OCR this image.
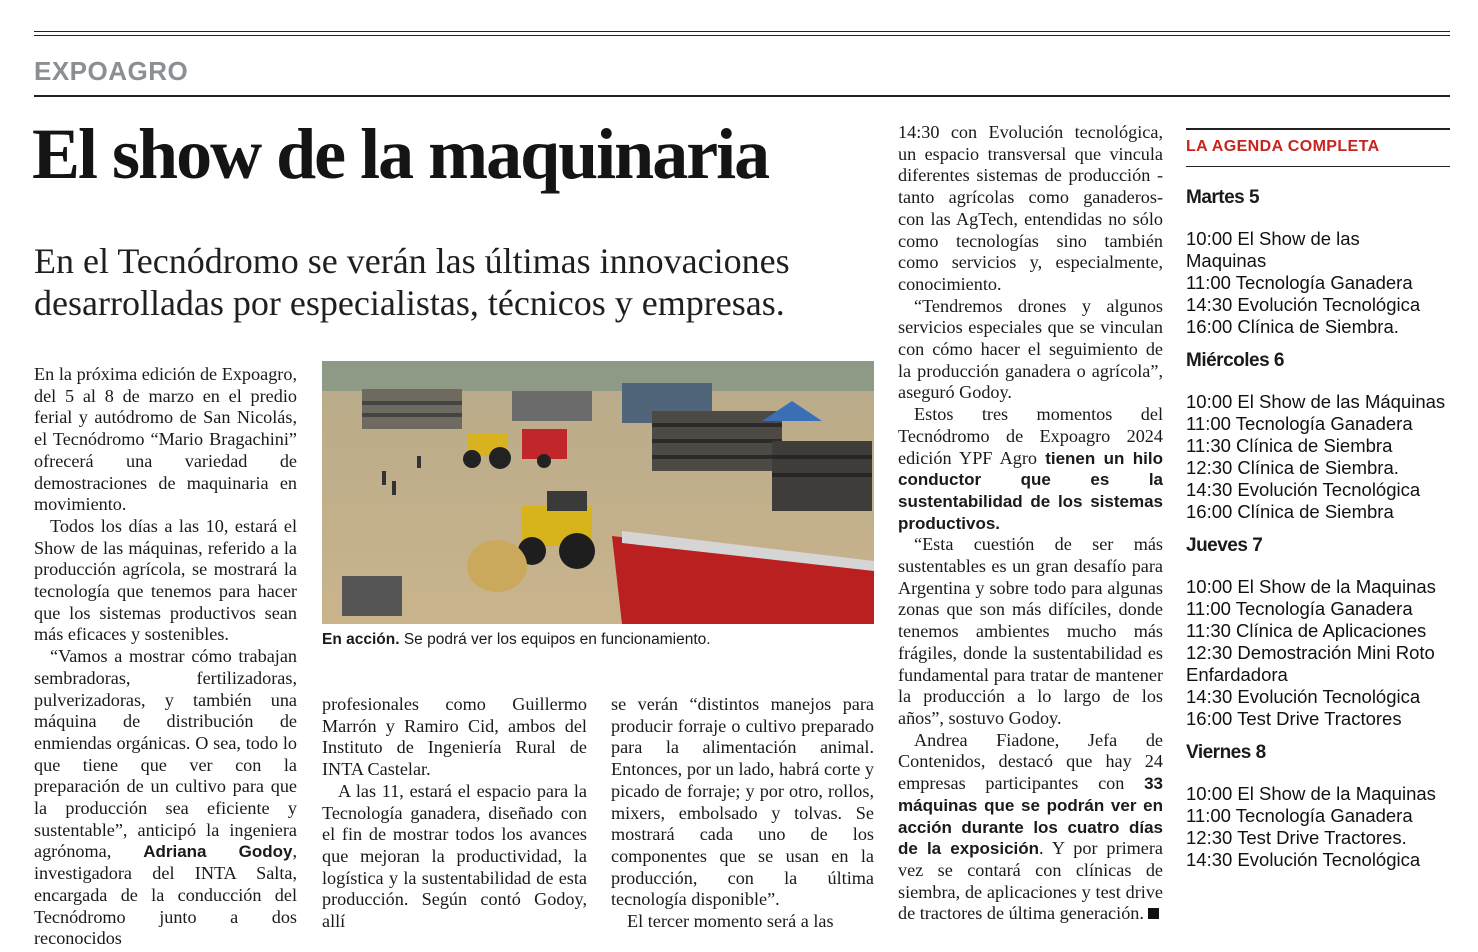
EXPOAGRO
El show de la maquinaria

En el Tecnódromo se verán las últimas innovaciones desarrolladas por especialistas, técnicos y empresas.

En la próxima edición de Expoagro, del 5 al 8 de marzo en el predio ferial y autódromo de San Nicolás, el Tecnódromo “Mario Bragachini” ofrecerá una variedad de demostraciones de maquinaria en movimiento.

Todos los días a las 10, estará el Show de las máquinas, referido a la producción agrícola, se mostrará la tecnología que tenemos para hacer que los sistemas productivos sean más eficaces y sostenibles.

“Vamos a mostrar cómo trabajan sembradoras, fertilizadoras, pulverizadoras, y también una máquina de distribución de enmiendas orgánicas. O sea, todo lo que tiene que ver con la preparación de un cultivo para que la producción sea eficiente y sustentable”, anticipó la ingeniera agrónoma, Adriana Godoy, investigadora del INTA Salta, encargada de la conducción del Tecnódromo junto a dos reconocidos

En acción. Se podrá ver los equipos en funcionamiento.

profesionales como Guillermo Marrón y Ramiro Cid, ambos del Instituto de Ingeniería Rural de INTA Castelar.

A las 11, estará el espacio para la Tecnología ganadera, diseñado con el fin de mostrar todos los avances que mejoran la productividad, la logística y la sustentabilidad de esta producción. Según contó Godoy, allí

se verán “distintos manejos para producir forraje o cultivo preparado para la alimentación animal. Entonces, por un lado, habrá corte y picado de forraje; y por otro, rollos, mixers, embolsado y tolvas. Se mostrará cada uno de los componentes que se usan en la producción, con la última tecnología disponible”.

El tercer momento será a las

14:30 con Evolución tecnológica, un espacio transversal que vincula diferentes sistemas de producción -tanto agrícolas como ganaderos- con las AgTech, entendidas no sólo como tecnologías sino también como servicios y, especialmente, conocimiento.

“Tendremos drones y algunos servicios especiales que se vinculan con cómo hacer el seguimiento de la producción ganadera o agrícola”, aseguró Godoy.

Estos tres momentos del Tecnódromo de Expoagro 2024 edición YPF Agro tienen un hilo conductor que es la sustentabilidad de los sistemas productivos.

“Esta cuestión de ser más sustentables es un gran desafío para Argentina y sobre todo para algunas zonas que son más difíciles, donde tenemos ambientes mucho más frágiles, donde la sustentabilidad es fundamental para tratar de mantener la producción a lo largo de los años”, sostuvo Godoy.

Andrea Fiadone, Jefa de Contenidos, destacó que hay 24 empresas participantes con 33 máquinas que se podrán ver en acción durante los cuatro días de la exposición. Y por primera vez se contará con clínicas de siembra, de aplicaciones y test drive de tractores de última generación.

LA AGENDA COMPLETA
Martes 5
10:00 El Show de las Maquinas
11:00 Tecnología Ganadera
14:30 Evolución Tecnológica
16:00 Clínica de Siembra.
Miércoles 6
10:00 El Show de las Máquinas
11:00 Tecnología Ganadera
11:30 Clínica de Siembra
12:30 Clínica de Siembra.
14:30 Evolución Tecnológica
16:00 Clínica de Siembra
Jueves 7
10:00 El Show de la Maquinas
11:00 Tecnología Ganadera
11:30 Clínica de Aplicaciones
12:30 Demostración Mini Roto Enfardadora
14:30 Evolución Tecnológica
16:00 Test Drive Tractores
Viernes 8
10:00 El Show de la Maquinas
11:00 Tecnología Ganadera
12:30 Test Drive Tractores.
14:30 Evolución Tecnológica
